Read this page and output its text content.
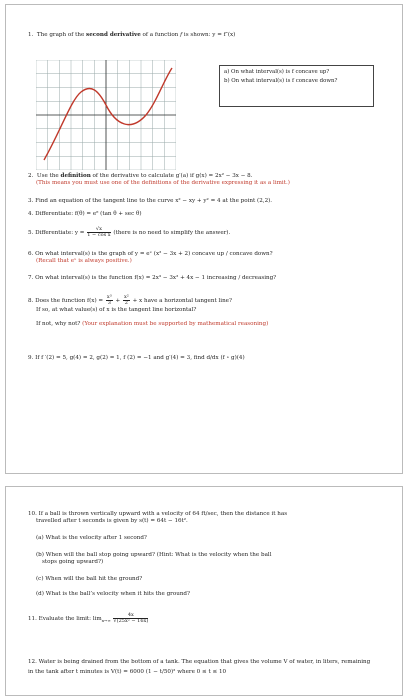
1. The graph of the second derivative of a function f is shown: y = f″(x)
a) On what interval(s) is f concave up?
b) On what interval(s) is f concave down?
2. Use the definition of the derivative to calculate g′(a) if g(x) = 2x² − 3x − 8.
(This means you must use one of the definitions of the derivative expressing it as a limit.)
3. Find an equation of the tangent line to the curve x² − xy + y² = 4 at the point (2,2).
4. Differentiate: f(θ) = eᶿ (tan θ + sec θ)
5. Differentiate: $y = \frac{√x}{\text{1 − cos x}}$ (there is no need to simplify the answer).
6. On what interval(s) is the graph of y = eˣ (x² − 3x + 2) concave up / concave down?
(Recall that eˣ is always positive.)
7. On what interval(s) is the function f(x) = 2x³ − 3x² + 4x − 1 increasing / decreasing?
8. Does the function $f(x) = \frac{\text{x³}}{3} + \frac{\text{x²}}{2} + x$ have a horizontal tangent line?
If so, at what value(s) of x is the tangent line horizontal?
If not, why not? (Your explanation must be supported by mathematical reasoning)
9. If f ′(2) = 5, g(4) = 2, g(2) = 1, f (2) = −1 and g′(4) = 3, find d/dx (f ∘ g)(4)
10. If a ball is thrown vertically upward with a velocity of 64 ft/sec, then the distance it has
travelled after t seconds is given by s(t) = 64t − 16t².
(a) What is the velocity after 1 second?
(b) When will the ball stop going upward? (Hint: What is the velocity when the ball
stops going upward?)
(c) When will the ball hit the ground?
(d) What is the ball’s velocity when it hits the ground?
11. Evaluate the limit: $\lim_{x\to\infty} \frac{4x}{\text{√(25x² − 16x)}}$
12. Water is being drained from the bottom of a tank. The equation that gives the volume V of water, in liters, remaining
in the tank after t minutes is V(t) = 6000 (1 − t/50)² where 0 ≤ t ≤ 10
